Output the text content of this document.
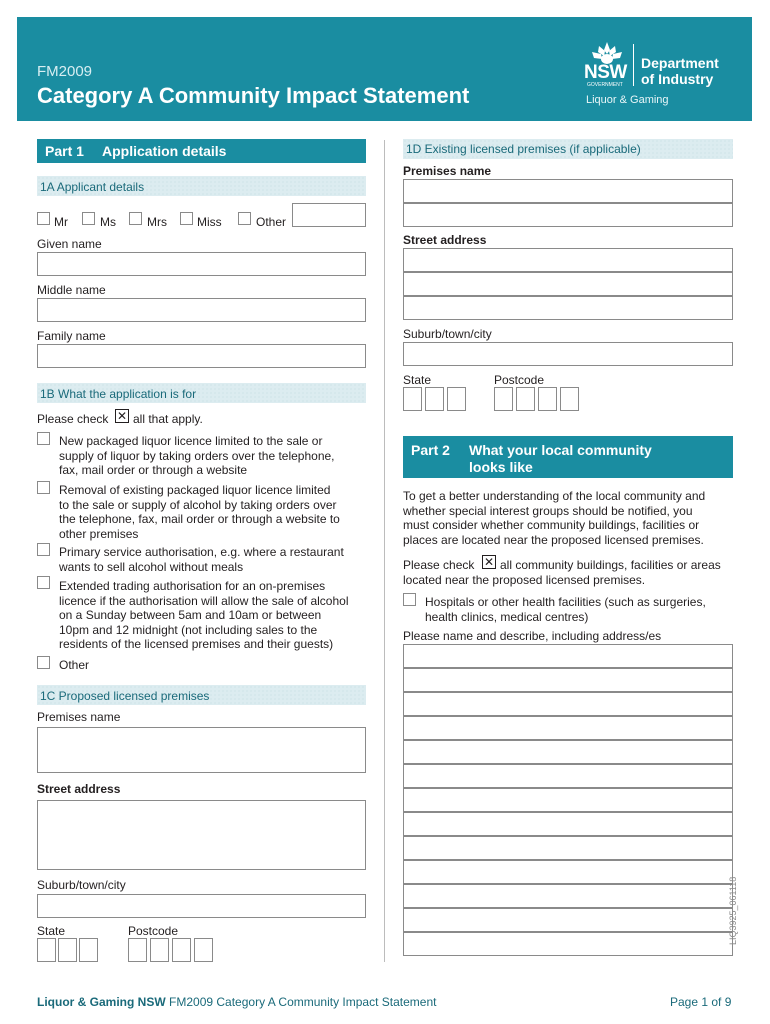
FM2009
Category A Community Impact Statement
NSW
GOVERNMENT
Department
of Industry
Liquor & Gaming
Part 1 Application details
1A Applicant details
Mr	Ms	Mrs	Miss	Other
Given name
Middle name
Family name
1B What the application is for
Please check ✕ all that apply.
New packaged liquor licence limited to the sale or
supply of liquor by taking orders over the telephone,
fax, mail order or through a website
Removal of existing packaged liquor licence limited
to the sale or supply of alcohol by taking orders over
the telephone, fax, mail order or through a website to
other premises
Primary service authorisation, e.g. where a restaurant
wants to sell alcohol without meals
Extended trading authorisation for an on-premises
licence if the authorisation will allow the sale of alcohol
on a Sunday between 5am and 10am or between
10pm and 12 midnight (not including sales to the
residents of the licensed premises and their guests)
Other
1C Proposed licensed premises
Premises name
Street address
Suburb/town/city
State	Postcode
1D Existing licensed premises (if applicable)
Premises name
Street address
Suburb/town/city
State	Postcode
Part 2 What your local community
looks like
To get a better understanding of the local community and
whether special interest groups should be notified, you
must consider whether community buildings, facilities or
places are located near the proposed licensed premises.
Please check ✕ all community buildings, facilities or areas
located near the proposed licensed premises.
Hospitals or other health facilities (such as surgeries,
health clinics, medical centres)
Please name and describe, including address/es
LIQ3925_061118
Liquor & Gaming NSW FM2009 Category A Community Impact Statement	Page 1 of 9
